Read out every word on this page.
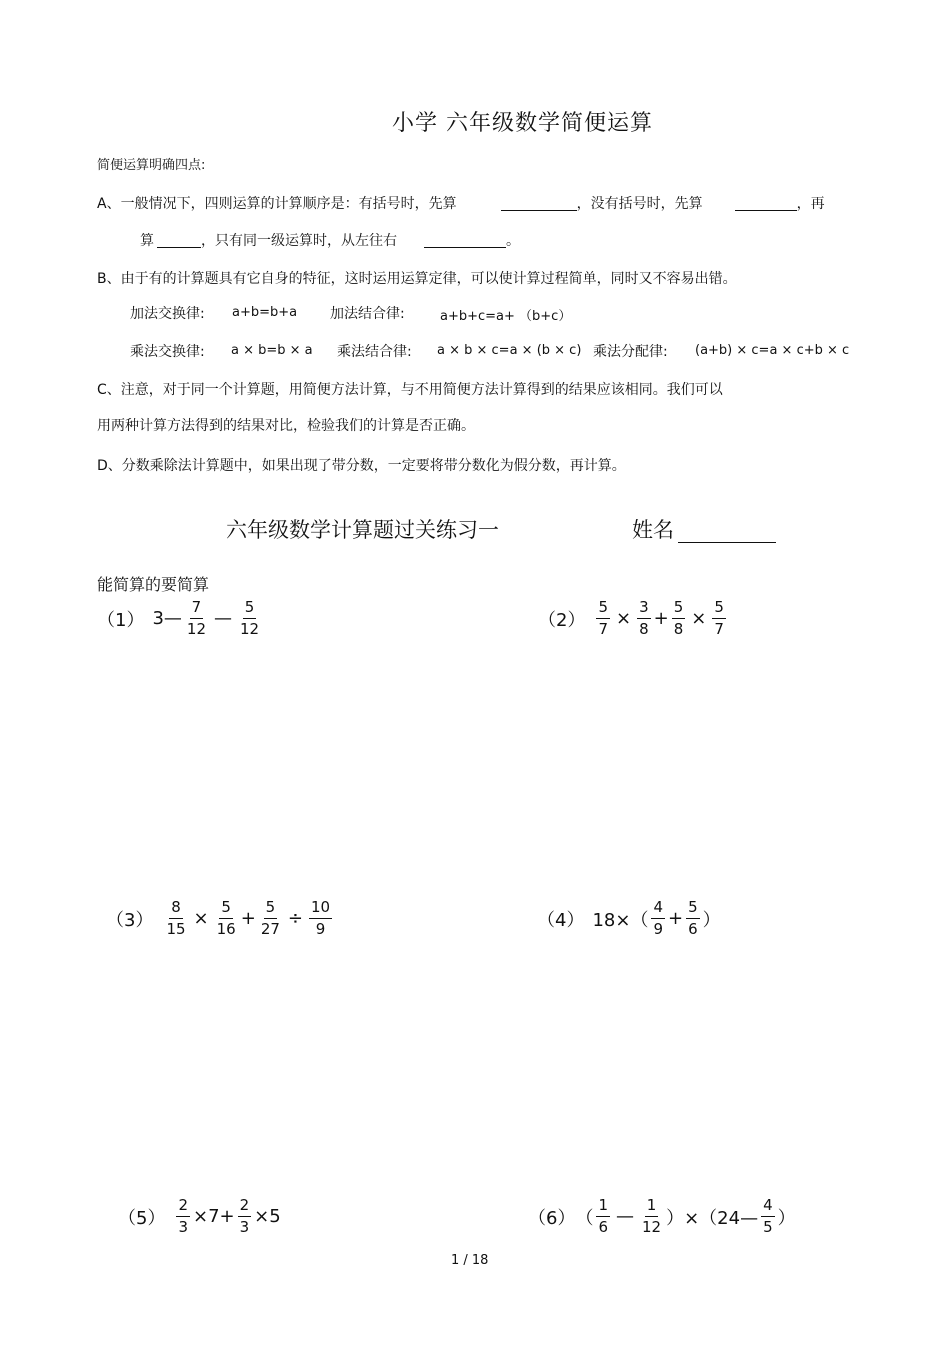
小学 六年级数学简便运算
简便运算明确四点:
A、一般情况下，四则运算的计算顺序是：有括号时，先算	，没有括号时，先算	，再
算	，只有同一级运算时，从左往右	。
B、由于有的计算题具有它自身的特征，这时运用运算定律，可以使计算过程简单，同时又不容易出错。
加法交换律: a+b=b+a 加法结合律:	a+b+c=a+ （b+c）
乘法交换律: a × b=b × a 乘法结合律: a × b × c=a × (b × c) 乘法分配律: (a+b) × c=a × c+b × c
C、注意，对于同一个计算题，用简便方法计算，与不用简便方法计算得到的结果应该相同。我们可以
用两种计算方法得到的结果对比，检验我们的计算是否正确。
D、分数乘除法计算题中，如果出现了带分数，一定要将带分数化为假分数，再计算。
六年级数学计算题过关练习一	姓名
能简算的要简算
（1） 3— $\frac{7}{12}$ — $\frac{5}{12}$	$(2) \frac{5}{7} \times \frac{3}{8} + \frac{5}{8} \times \frac{5}{7}$
$(3) \frac{8}{15} \times \frac{5}{16} + \frac{5}{27} \div \frac{10}{9}$	（4） $18\times( \frac{4}{9} + \frac{5}{6}$ ）
$(5) \frac{2}{3} \times 7+ \frac{2}{3} \times 5$	（6） （ $\frac{1}{6}$ — $\frac{1}{12}$ ）×（24— $\frac{4}{5}$ ）
1 / 18
